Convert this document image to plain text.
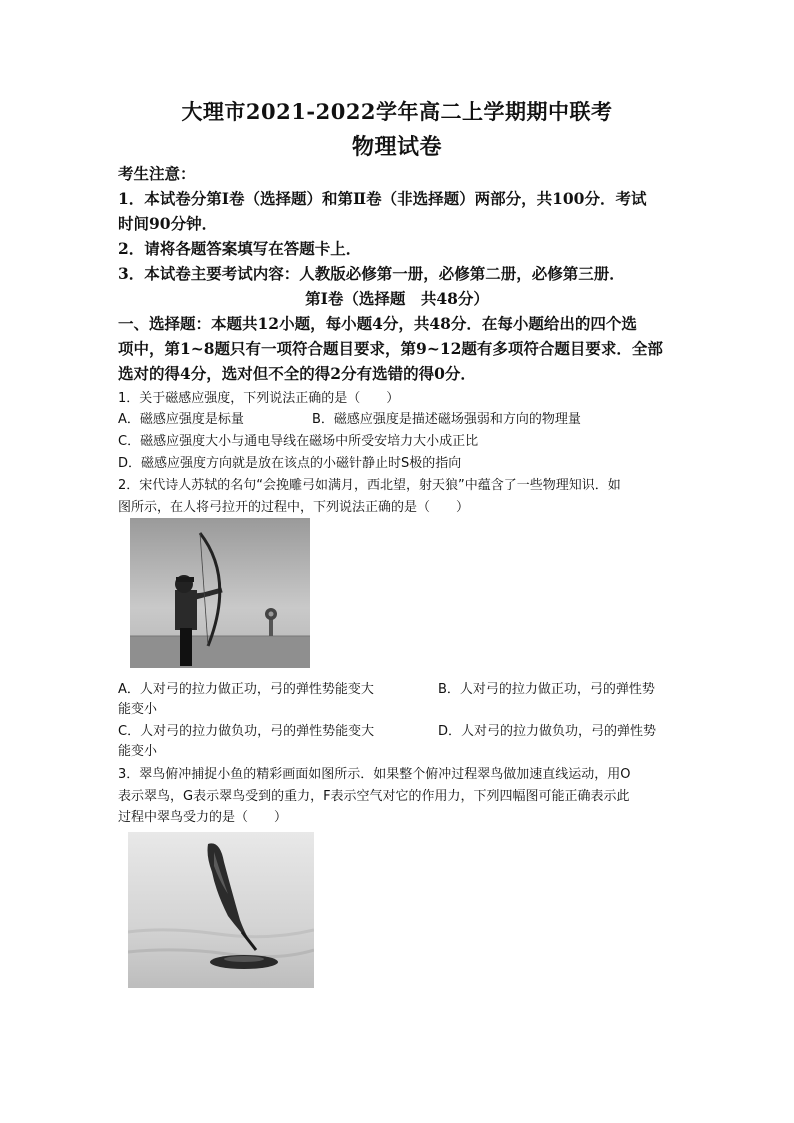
大理市2021-2022学年高二上学期期中联考
物理试卷
考生注意：
1．本试卷分第Ⅰ卷（选择题）和第Ⅱ卷（非选择题）两部分，共100分．考试
时间90分钟．
2．请将各题答案填写在答题卡上．
3．本试卷主要考试内容：人教版必修第一册，必修第二册，必修第三册．
第Ⅰ卷（选择题　共48分）
一、选择题：本题共12小题，每小题4分，共48分．在每小题给出的四个选
项中，第1~8题只有一项符合题目要求，第9~12题有多项符合题目要求．全部
选对的得4分，选对但不全的得2分有选错的得0分．
1．关于磁感应强度，下列说法正确的是（　　）
A．磁感应强度是标量	B．磁感应强度是描述磁场强弱和方向的物理量
C．磁感应强度大小与通电导线在磁场中所受安培力大小成正比
D．磁感应强度方向就是放在该点的小磁针静止时S极的指向
2．宋代诗人苏轼的名句“会挽雕弓如满月，西北望，射天狼”中蕴含了一些物理知识．如
图所示，在人将弓拉开的过程中，下列说法正确的是（　　）
A．人对弓的拉力做正功，弓的弹性势能变大	B．人对弓的拉力做正功，弓的弹性势
能变小
C．人对弓的拉力做负功，弓的弹性势能变大	D．人对弓的拉力做负功，弓的弹性势
能变小
3．翠鸟俯冲捕捉小鱼的精彩画面如图所示．如果整个俯冲过程翠鸟做加速直线运动，用O
表示翠鸟，G表示翠鸟受到的重力，F表示空气对它的作用力，下列四幅图可能正确表示此
过程中翠鸟受力的是（　　）
